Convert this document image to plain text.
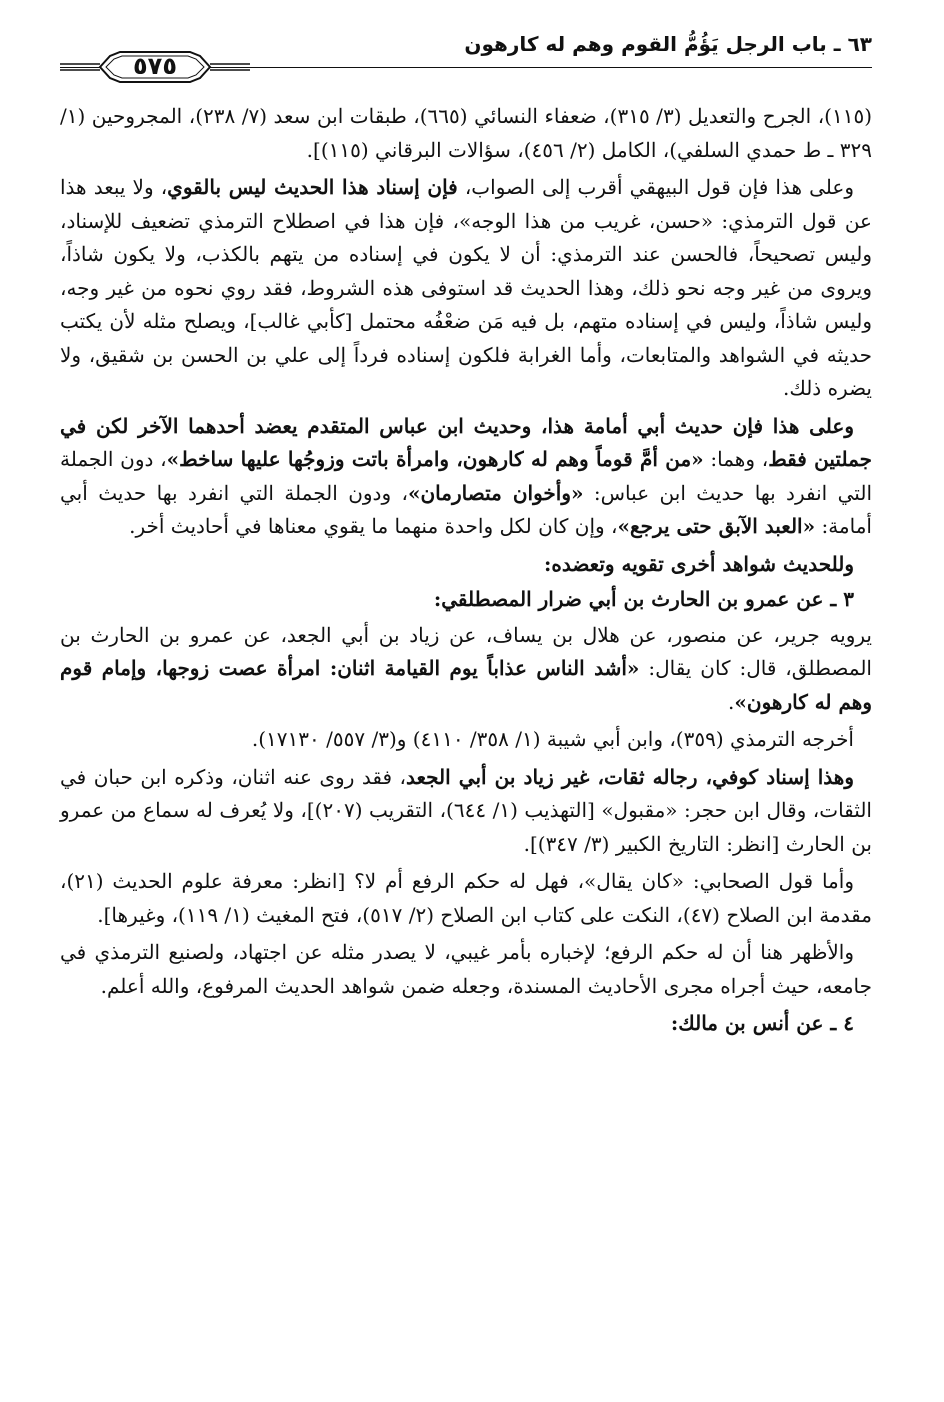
٦٣ ـ باب الرجل يَؤُمُّ القوم وهم له كارهون
٥٧٥

(١١٥)، الجرح والتعديل (٣/ ٣١٥)، ضعفاء النسائي (٦٦٥)، طبقات ابن سعد (٧/ ٢٣٨)، المجروحين (١/ ٣٢٩ ـ ط حمدي السلفي)، الكامل (٢/ ٤٥٦)، سؤالات البرقاني (١١٥)].

وعلى هذا فإن قول البيهقي أقرب إلى الصواب، فإن إسناد هذا الحديث ليس بالقوي، ولا يبعد هذا عن قول الترمذي: «حسن، غريب من هذا الوجه»، فإن هذا في اصطلاح الترمذي تضعيف للإسناد، وليس تصحيحاً، فالحسن عند الترمذي: أن لا يكون في إسناده من يتهم بالكذب، ولا يكون شاذاً، ويروى من غير وجه نحو ذلك، وهذا الحديث قد استوفى هذه الشروط، فقد روي نحوه من غير وجه، وليس شاذاً، وليس في إسناده متهم، بل فيه مَن ضعْفُه محتمل [كأبي غالب]، ويصلح مثله لأن يكتب حديثه في الشواهد والمتابعات، وأما الغرابة فلكون إسناده فرداً إلى علي بن الحسن بن شقيق، ولا يضره ذلك.

وعلى هذا فإن حديث أبي أمامة هذا، وحديث ابن عباس المتقدم يعضد أحدهما الآخر لكن في جملتين فقط، وهما: «من أمَّ قوماً وهم له كارهون، وامرأة باتت وزوجُها عليها ساخط»، دون الجملة التي انفرد بها حديث ابن عباس: «وأخوان متصارمان»، ودون الجملة التي انفرد بها حديث أبي أمامة: «العبد الآبق حتى يرجع»، وإن كان لكل واحدة منهما ما يقوي معناها في أحاديث أخر.

وللحديث شواهد أخرى تقويه وتعضده:
٣ ـ عن عمرو بن الحارث بن أبي ضرار المصطلقي:

يرويه جرير، عن منصور، عن هلال بن يساف، عن زياد بن أبي الجعد، عن عمرو بن الحارث بن المصطلق، قال: كان يقال: «أشد الناس عذاباً يوم القيامة اثنان: امرأة عصت زوجها، وإمام قوم وهم له كارهون».

أخرجه الترمذي (٣٥٩)، وابن أبي شيبة (١/ ٣٥٨/ ٤١١٠) و(٣/ ٥٥٧/ ١٧١٣٠).

وهذا إسناد كوفي، رجاله ثقات، غير زياد بن أبي الجعد، فقد روى عنه اثنان، وذكره ابن حبان في الثقات، وقال ابن حجر: «مقبول» [التهذيب (١/ ٦٤٤)، التقريب (٢٠٧)]، ولا يُعرف له سماع من عمرو بن الحارث [انظر: التاريخ الكبير (٣/ ٣٤٧)].

وأما قول الصحابي: «كان يقال»، فهل له حكم الرفع أم لا؟ [انظر: معرفة علوم الحديث (٢١)، مقدمة ابن الصلاح (٤٧)، النكت على كتاب ابن الصلاح (٢/ ٥١٧)، فتح المغيث (١/ ١١٩)، وغيرها].

والأظهر هنا أن له حكم الرفع؛ لإخباره بأمر غيبي، لا يصدر مثله عن اجتهاد، ولصنيع الترمذي في جامعه، حيث أجراه مجرى الأحاديث المسندة، وجعله ضمن شواهد الحديث المرفوع، والله أعلم.

٤ ـ عن أنس بن مالك:
